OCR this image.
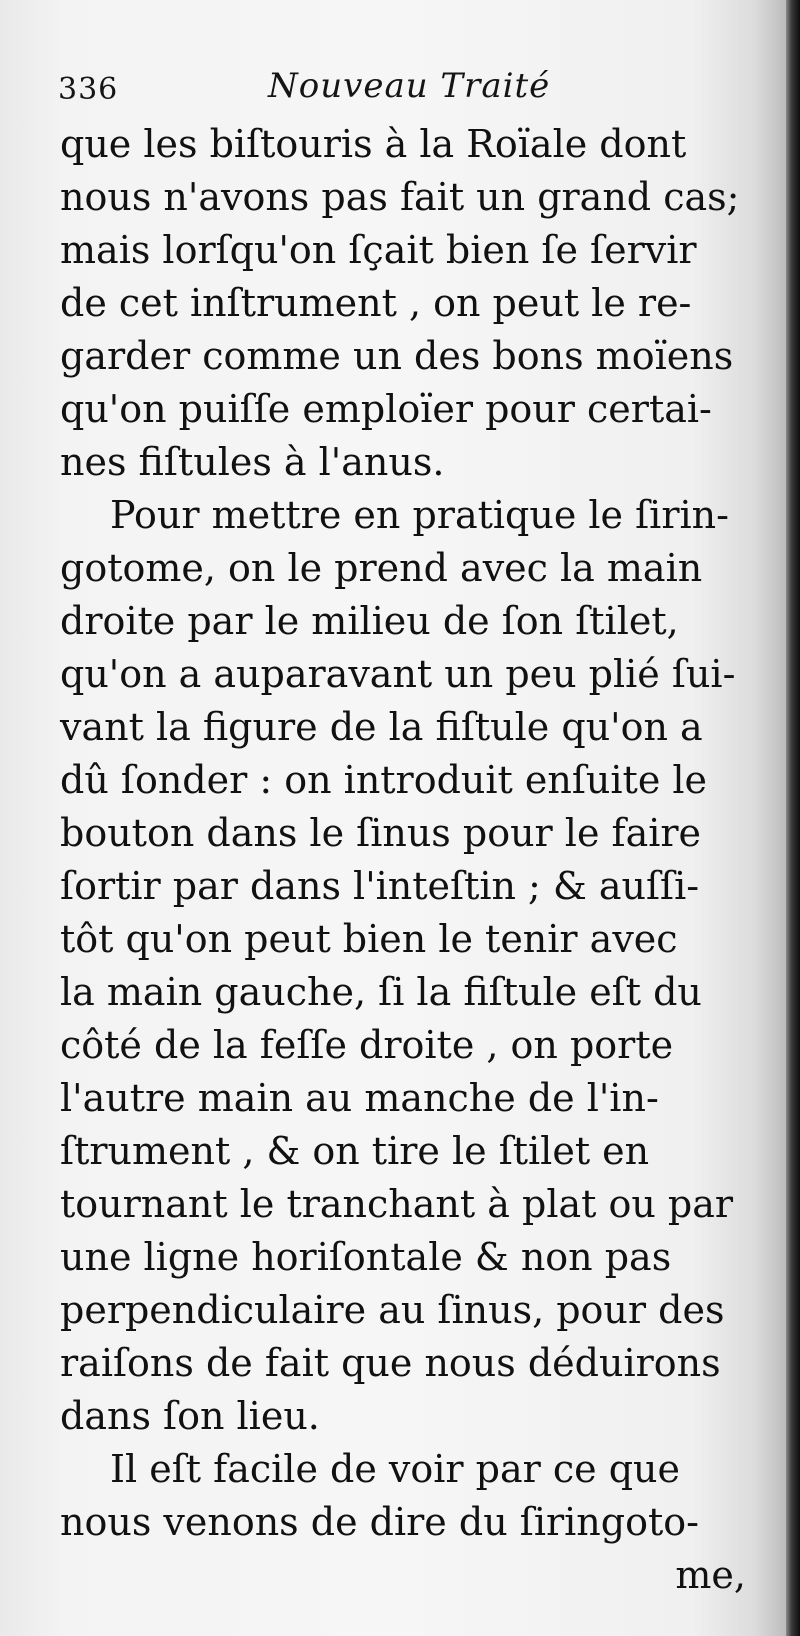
336	Nouveau Traité
que les biſtouris à la Roïale dont
nous n'avons pas fait un grand cas;
mais lorſqu'on ſçait bien ſe ſervir
de cet inſtrument , on peut le re-
garder comme un des bons moïens
qu'on puiſſe emploïer pour certai-
nes fiſtules à l'anus.
Pour mettre en pratique le ſirin-
gotome, on le prend avec la main
droite par le milieu de ſon ſtilet,
qu'on a auparavant un peu plié ſui-
vant la figure de la fiſtule qu'on a
dû ſonder : on introduit enſuite le
bouton dans le ſinus pour le faire
ſortir par dans l'inteſtin ; & auſſi-
tôt qu'on peut bien le tenir avec
la main gauche, ſi la fiſtule eſt du
côté de la feſſe droite , on porte
l'autre main au manche de l'in-
ſtrument , & on tire le ſtilet en
tournant le tranchant à plat ou par
une ligne horiſontale & non pas
perpendiculaire au ſinus, pour des
raiſons de fait que nous déduirons
dans ſon lieu.
Il eſt facile de voir par ce que
nous venons de dire du ſiringoto-
me,
